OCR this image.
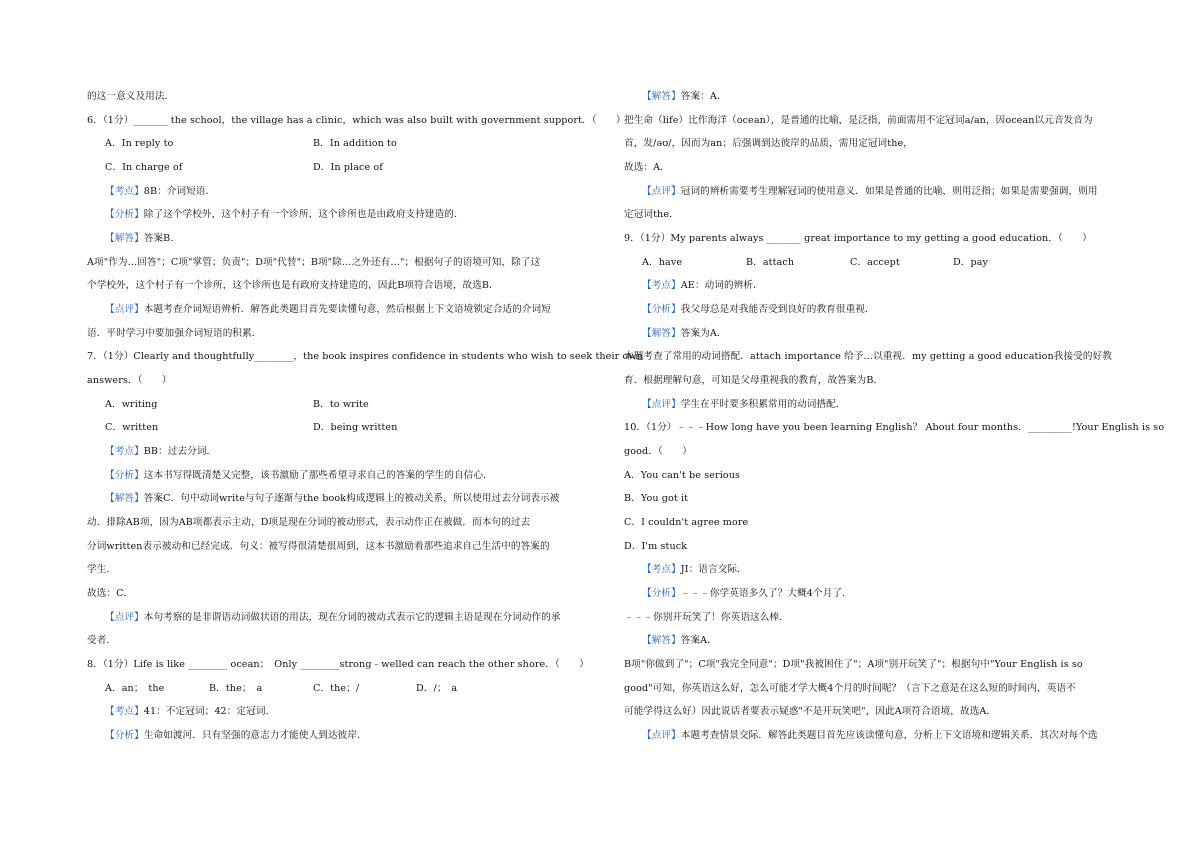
的这一意义及用法．
6．（1分）_______ the school，the village has a clinic，which was also built with government support．（　　）
A．In reply to	B．In addition to
C．In charge of	D．In place of
【考点】8B：介词短语．
【分析】除了这个学校外，这个村子有一个诊所，这个诊所也是由政府支持建造的．
【解答】答案B．
A项"作为…回答"；C项"掌管；负责"；D项"代替"；B项"除…之外还有…"；根据句子的语境可知，除了这
个学校外，这个村子有一个诊所，这个诊所也是有政府支持建造的，因此B项符合语境，故选B．
【点评】本题考查介词短语辨析．解答此类题目首先要读懂句意，然后根据上下文语境锁定合适的介词短
语．平时学习中要加强介词短语的积累．
7．（1分）Clearly and thoughtfully________，the book inspires confidence in students who wish to seek their own
answers．（　　）
A．writing	B．to write
C．written	D．being written
【考点】BB：过去分词．
【分析】这本书写得既清楚又完整，该书激励了那些希望寻求自己的答案的学生的自信心．
【解答】答案C．句中动词write与句子逐渐与the book构成逻辑上的被动关系，所以使用过去分词表示被
动．排除AB项，因为AB项都表示主动，D项是现在分词的被动形式，表示动作正在被做．而本句的过去
分词written表示被动和已经完成．句义：被写得很清楚很周到，这本书激励着那些追求自己生活中的答案的
学生．
故选：C．
【点评】本句考察的是非谓语动词做状语的用法，现在分词的被动式表示它的逻辑主语是现在分词动作的承
受者．
8．（1分）Life is like ________ ocean；　Only ________strong﹣welled can reach the other shore．（　　）
A．an；　the	B．the；　a	C．the；/	D．/；　a
【考点】41：不定冠词；42：定冠词．
【分析】生命如渡河．只有坚强的意志力才能使人到达彼岸．
【解答】答案：A．
把生命（life）比作海洋（ocean），是普通的比喻，是泛指，前面需用不定冠词a/an，因ocean以元音发音为
首，发/əʊ/，因而为an；后强调到达彼岸的品质，需用定冠词the，
故选：A．
【点评】冠词的辨析需要考生理解冠词的使用意义．如果是普通的比喻，则用泛指；如果是需要强调，则用
定冠词the．
9．（1分）My parents always _______ great importance to my getting a good education．（　　）
A．have	B．attach	C．accept	D．pay
【考点】AE：动词的辨析．
【分析】我父母总是对我能否受到良好的教育很重视．
【解答】答案为A．
本题考查了常用的动词搭配．attach importance 给予…以重视．my getting a good education我接受的好教
育．根据理解句意，可知是父母重视我的教育，故答案为B．
【点评】学生在平时要多积累常用的动词搭配．
10．（1分）﹣﹣﹣How long have you been learning English？ About four months．_________!Your English is so
good．（　　）
A．You can't be serious
B．You got it
C．I couldn't agree more
D．I'm stuck
【考点】JI：语言交际．
【分析】﹣﹣﹣你学英语多久了？大概4个月了．
﹣﹣﹣你别开玩笑了！你英语这么棒．
【解答】答案A．
B项"你做到了"；C项"我完全同意"；D项"我被困住了"；A项"别开玩笑了"；根据句中"Your English is so
good"可知，你英语这么好，怎么可能才学大概4个月的时间呢？（言下之意是在这么短的时间内，英语不
可能学得这么好）因此说话者要表示疑惑"不是开玩笑吧"，因此A项符合语境，故选A．
【点评】本题考查情景交际．解答此类题目首先应该读懂句意，分析上下文语境和逻辑关系．其次对每个选
